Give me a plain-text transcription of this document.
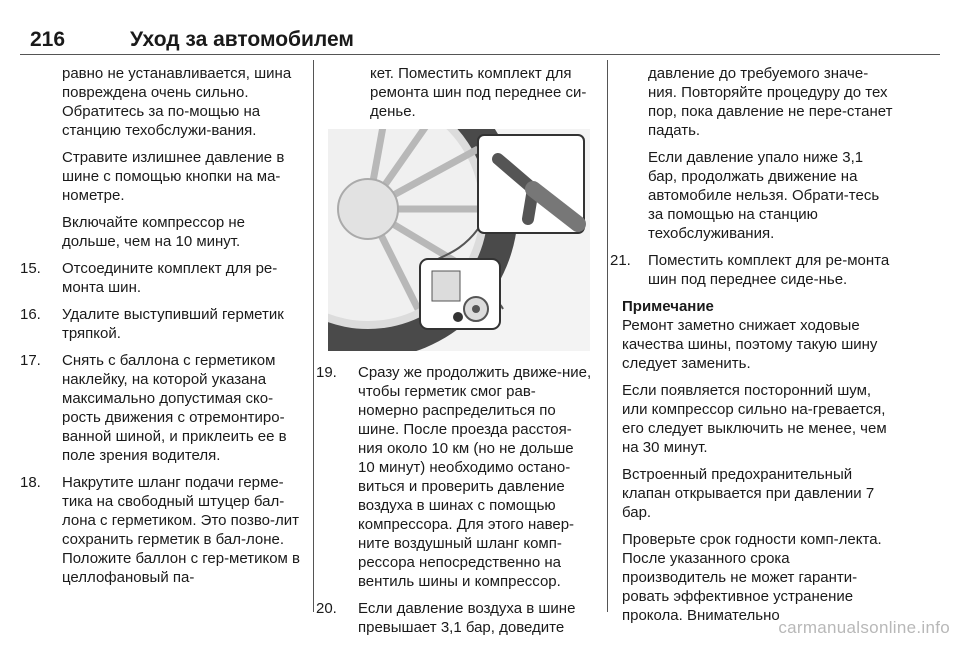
216	Уход за автомобилем

равно не устанавливается, шина повреждена очень сильно. Обратитесь за по-мощью на станцию техобслужи-вания.

Стравите излишнее давление в шине с помощью кнопки на ма-нометре.

Включайте компрессор не дольше, чем на 10 минут.

15. Отсоедините комплект для ре-монта шин.
16. Удалите выступивший герметик тряпкой.
17. Снять с баллона с герметиком наклейку, на которой указана максимально допустимая ско-рость движения с отремонтиро-ванной шиной, и приклеить ее в поле зрения водителя.
18. Накрутите шланг подачи герме-тика на свободный штуцер бал-лона с герметиком. Это позво-лит сохранить герметик в бал-лоне. Положите баллон с гер-метиком в целлофановый па-

кет. Поместить комплект для ремонта шин под переднее си-денье.

19. Сразу же продолжить движе-ние, чтобы герметик смог рав-номерно распределиться по шине. После проезда расстоя-ния около 10 км (но не дольше 10 минут) необходимо остано-виться и проверить давление воздуха в шинах с помощью компрессора. Для этого навер-ните воздушный шланг комп-рессора непосредственно на вентиль шины и компрессор.
20. Если давление воздуха в шине превышает 3,1 бар, доведите

давление до требуемого значе-ния. Повторяйте процедуру до тех пор, пока давление не пере-станет падать.

Если давление упало ниже 3,1 бар, продолжать движение на автомобиле нельзя. Обрати-тесь за помощью на станцию техобслуживания.

21. Поместить комплект для ре-монта шин под переднее сиде-нье.
Примечание

Ремонт заметно снижает ходовые качества шины, поэтому такую шину следует заменить.

Если появляется посторонний шум, или компрессор сильно на-гревается, его следует выключить не менее, чем на 30 минут.

Встроенный предохранительный клапан открывается при давлении 7 бар.

Проверьте срок годности комп-лекта. После указанного срока производитель не может гаранти-ровать эффективное устранение прокола. Внимательно

carmanualsonline.info
